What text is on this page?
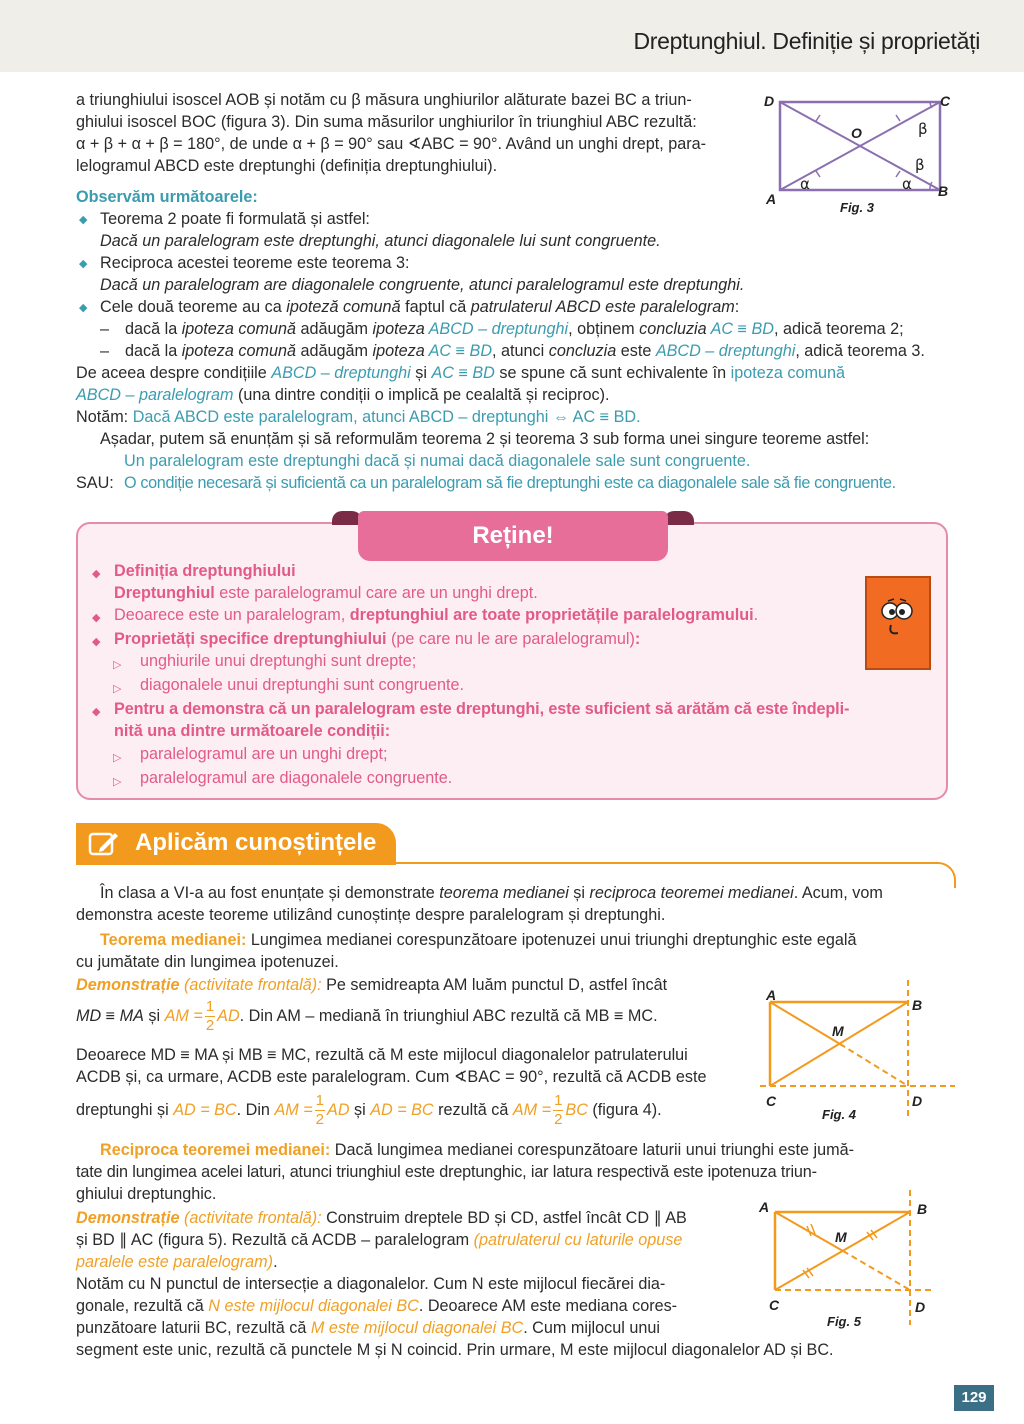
Dreptunghiul. Definiție și proprietăți
a triunghiului isoscel AOB și notăm cu β măsura unghiurilor alăturate bazei BC a triun-
ghiului isoscel BOC (figura 3). Din suma măsurilor unghiurilor în triunghiul ABC rezultă:
α + β + α + β = 180°, de unde α + β = 90° sau ∢ABC = 90°. Având un unghi drept, para-
lelogramul ABCD este dreptunghi (definiția dreptunghiului).
D	C
A	B
O
α	α
β
β
Fig. 3
Observăm următoarele:
◆ Teorema 2 poate fi formulată și astfel:
Dacă un paralelogram este dreptunghi, atunci diagonalele lui sunt congruente.
◆ Reciproca acestei teoreme este teorema 3:
Dacă un paralelogram are diagonalele congruente, atunci paralelogramul este dreptunghi.
◆ Cele două teoreme au ca ipoteză comună faptul că patrulaterul ABCD este paralelogram:
– dacă la ipoteza comună adăugăm ipoteza ABCD – dreptunghi, obținem concluzia AC ≡ BD, adică teorema 2;
– dacă la ipoteza comună adăugăm ipoteza AC ≡ BD, atunci concluzia este ABCD – dreptunghi, adică teorema 3.
De aceea despre condițiile ABCD – dreptunghi și AC ≡ BD se spune că sunt echivalente în ipoteza comună
ABCD – paralelogram (una dintre condiții o implică pe cealaltă și reciproc).
Notăm: Dacă ABCD este paralelogram, atunci ABCD – dreptunghi ⇔ AC ≡ BD.
Așadar, putem să enunțăm și să reformulăm teorema 2 și teorema 3 sub forma unei singure teoreme astfel:
Un paralelogram este dreptunghi dacă și numai dacă diagonalele sale sunt congruente.
SAU: O condiție necesară și suficientă ca un paralelogram să fie dreptunghi este ca diagonalele sale să fie congruente.
Reține!
◆ Definiția dreptunghiului
Dreptunghiul este paralelogramul care are un unghi drept.
◆ Deoarece este un paralelogram, dreptunghiul are toate proprietățile paralelogramului.
◆ Proprietăți specifice dreptunghiului (pe care nu le are paralelogramul):
▷ unghiurile unui dreptunghi sunt drepte;
▷ diagonalele unui dreptunghi sunt congruente.
◆ Pentru a demonstra că un paralelogram este dreptunghi, este suficient să arătăm că este îndepli-
nită una dintre următoarele condiții:
▷ paralelogramul are un unghi drept;
▷ paralelogramul are diagonalele congruente.
Aplicăm cunoștințele
În clasa a VI-a au fost enunțate și demonstrate teorema medianei și reciproca teoremei medianei. Acum, vom
demonstra aceste teoreme utilizând cunoștințe despre paralelogram și dreptunghi.
Teorema medianei: Lungimea medianei corespunzătoare ipotenuzei unui triunghi dreptunghic este egală
cu jumătate din lungimea ipotenuzei.
Demonstrație (activitate frontală): Pe semidreapta AM luăm punctul D, astfel încât
MD ≡ MA și AM = $\frac{1}{2}$ AD. Din AM – mediană în triunghiul ABC rezultă că MB ≡ MC.
Deoarece MD ≡ MA și MB ≡ MC, rezultă că M este mijlocul diagonalelor patrulaterului
ACDB și, ca urmare, ACDB este paralelogram. Cum ∢BAC = 90°, rezultă că ACDB este
dreptunghi și AD = BC. Din AM = $\frac{1}{2}$ AD și AD = BC rezultă că AM = $\frac{1}{2}$ BC (figura 4).
A
B
C	D
M
Fig. 4
Reciproca teoremei medianei: Dacă lungimea medianei corespunzătoare laturii unui triunghi este jumă-
tate din lungimea acelei laturi, atunci triunghiul este dreptunghic, iar latura respectivă este ipotenuza triun-
ghiului dreptunghic.
Demonstrație (activitate frontală): Construim dreptele BD și CD, astfel încât CD ∥ AB
și BD ∥ AC (figura 5). Rezultă că ACDB – paralelogram (patrulaterul cu laturile opuse
paralele este paralelogram).
Notăm cu N punctul de intersecție a diagonalelor. Cum N este mijlocul fiecărei dia-
gonale, rezultă că N este mijlocul diagonalei BC. Deoarece AM este mediana cores-
punzătoare laturii BC, rezultă că M este mijlocul diagonalei BC. Cum mijlocul unui
segment este unic, rezultă că punctele M și N coincid. Prin urmare, M este mijlocul diagonalelor AD și BC.
A	B
C	D
M
Fig. 5
129
